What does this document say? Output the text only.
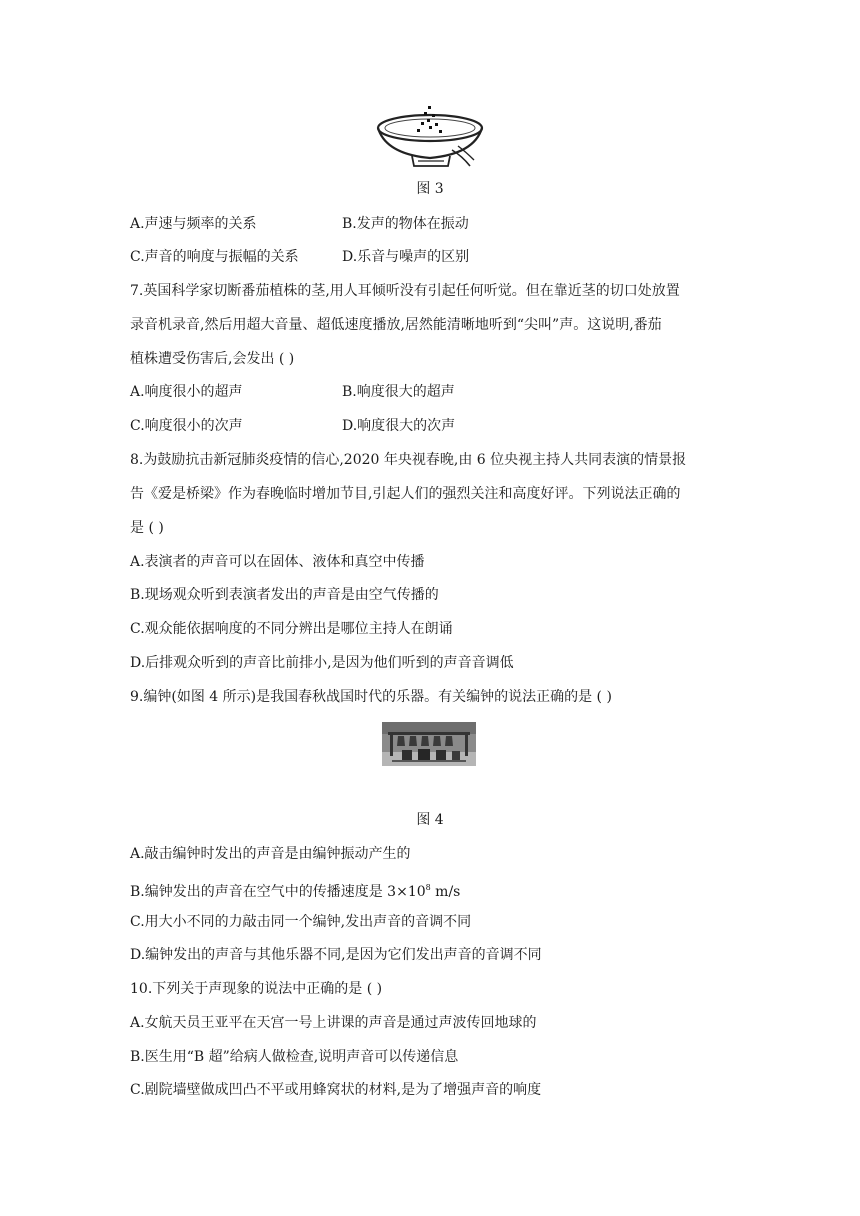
图 3
A.声速与频率的关系	B.发声的物体在振动
C.声音的响度与振幅的关系	D.乐音与噪声的区别
7.英国科学家切断番茄植株的茎,用人耳倾听没有引起任何听觉。但在靠近茎的切口处放置
录音机录音,然后用超大音量、超低速度播放,居然能清晰地听到“尖叫”声。这说明,番茄
植株遭受伤害后,会发出 ( )
A.响度很小的超声	B.响度很大的超声
C.响度很小的次声	D.响度很大的次声
8.为鼓励抗击新冠肺炎疫情的信心,2020 年央视春晚,由 6 位央视主持人共同表演的情景报
告《爱是桥梁》作为春晚临时增加节目,引起人们的强烈关注和高度好评。下列说法正确的
是 ( )
A.表演者的声音可以在固体、液体和真空中传播
B.现场观众听到表演者发出的声音是由空气传播的
C.观众能依据响度的不同分辨出是哪位主持人在朗诵
D.后排观众听到的声音比前排小,是因为他们听到的声音音调低
9.编钟(如图 4 所示)是我国春秋战国时代的乐器。有关编钟的说法正确的是 ( )
图 4
A.敲击编钟时发出的声音是由编钟振动产生的
B.编钟发出的声音在空气中的传播速度是 $3\times 10^8$ m/s
C.用大小不同的力敲击同一个编钟,发出声音的音调不同
D.编钟发出的声音与其他乐器不同,是因为它们发出声音的音调不同
10.下列关于声现象的说法中正确的是 ( )
A.女航天员王亚平在天宫一号上讲课的声音是通过声波传回地球的
B.医生用“B 超”给病人做检查,说明声音可以传递信息
C.剧院墙壁做成凹凸不平或用蜂窝状的材料,是为了增强声音的响度
